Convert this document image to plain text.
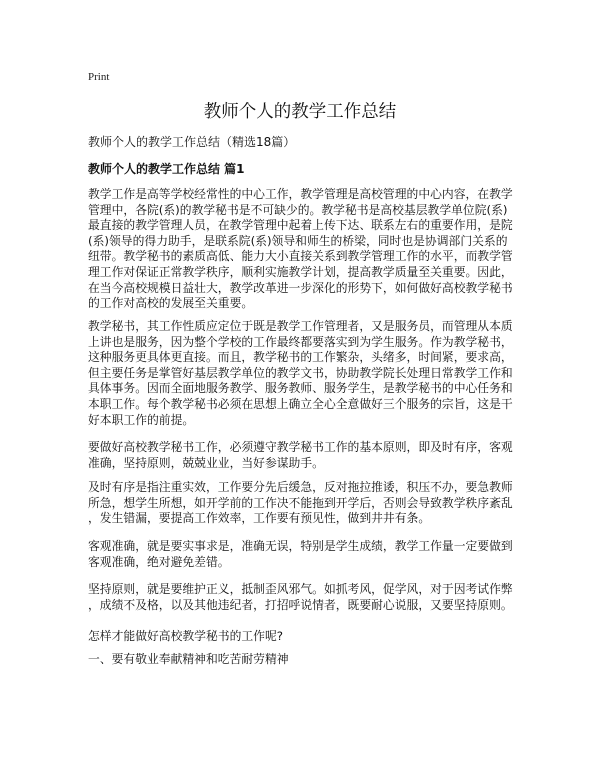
Print
教师个人的教学工作总结
教师个人的教学工作总结（精选18篇）
教师个人的教学工作总结 篇1
教学工作是高等学校经常性的中心工作，教学管理是高校管理的中心内容，在教学
管理中，各院(系)的教学秘书是不可缺少的。教学秘书是高校基层教学单位院(系)
最直接的教学管理人员，在教学管理中起着上传下达、联系左右的重要作用，是院
(系)领导的得力助手，是联系院(系)领导和师生的桥梁，同时也是协调部门关系的
纽带。教学秘书的素质高低、能力大小直接关系到教学管理工作的水平，而教学管
理工作对保证正常教学秩序，顺利实施教学计划，提高教学质量至关重要。因此，
在当今高校规模日益壮大，教学改革进一步深化的形势下，如何做好高校教学秘书
的工作对高校的发展至关重要。
教学秘书，其工作性质应定位于既是教学工作管理者，又是服务员，而管理从本质
上讲也是服务，因为整个学校的工作最终都要落实到为学生服务。作为教学秘书，
这种服务更具体更直接。而且，教学秘书的工作繁杂，头绪多，时间紧，要求高，
但主要任务是掌管好基层教学单位的教学文书，协助教学院长处理日常教学工作和
具体事务。因而全面地服务教学、服务教师、服务学生，是教学秘书的中心任务和
本职工作。每个教学秘书必须在思想上确立全心全意做好三个服务的宗旨，这是干
好本职工作的前提。
要做好高校教学秘书工作，必须遵守教学秘书工作的基本原则，即及时有序，客观
准确，坚持原则，兢兢业业，当好参谋助手。
及时有序是指注重实效，工作要分先后缓急，反对拖拉推诿，积压不办，要急教师
所急，想学生所想，如开学前的工作决不能拖到开学后，否则会导致教学秩序紊乱
，发生错漏，要提高工作效率，工作要有预见性，做到井井有条。
客观准确，就是要实事求是，准确无误，特别是学生成绩，教学工作量一定要做到
客观准确，绝对避免差错。
坚持原则，就是要维护正义，抵制歪风邪气。如抓考风，促学风，对于因考试作弊
，成绩不及格，以及其他违纪者，打招呼说情者，既要耐心说服，又要坚持原则。
怎样才能做好高校教学秘书的工作呢?
一、要有敬业奉献精神和吃苦耐劳精神
